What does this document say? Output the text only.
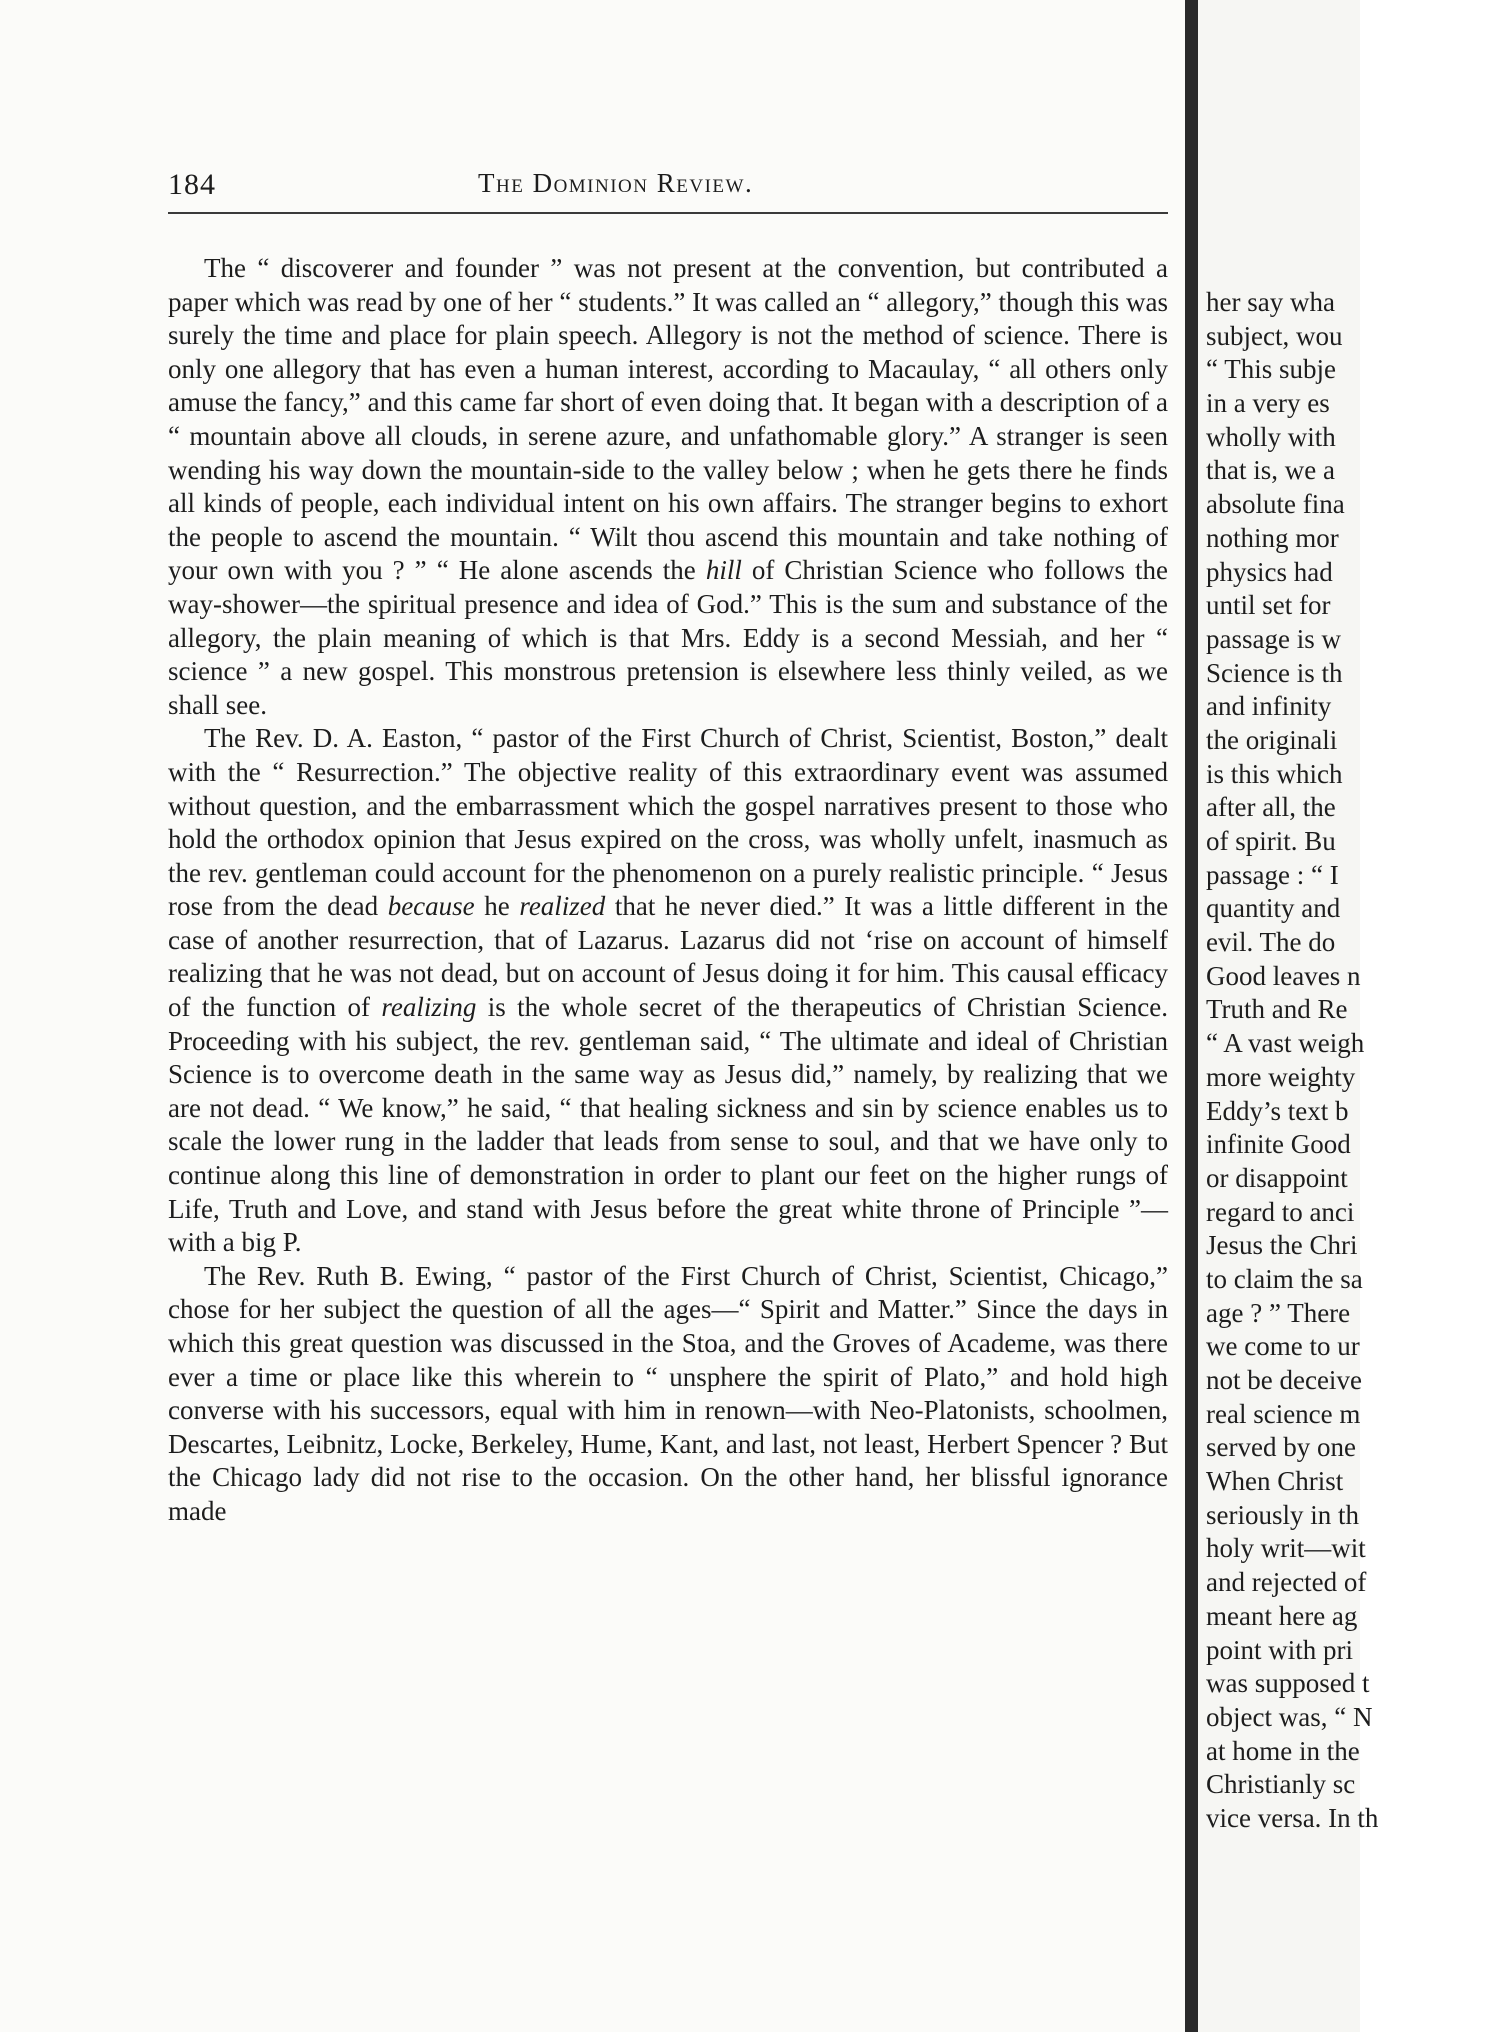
184	The Dominion Review.

The “ discoverer and founder ” was not present at the convention, but contributed a paper which was read by one of her “ students.” It was called an “ allegory,” though this was surely the time and place for plain speech. Allegory is not the method of science. There is only one allegory that has even a human interest, according to Macaulay, “ all others only amuse the fancy,” and this came far short of even doing that. It began with a description of a “ mountain above all clouds, in serene azure, and unfathomable glory.” A stranger is seen wending his way down the mountain-side to the valley below ; when he gets there he finds all kinds of people, each individual intent on his own affairs. The stranger begins to exhort the people to ascend the mountain. “ Wilt thou ascend this mountain and take nothing of your own with you ? ” “ He alone ascends the hill of Christian Science who follows the way-shower—the spiritual presence and idea of God.” This is the sum and substance of the allegory, the plain meaning of which is that Mrs. Eddy is a second Messiah, and her “ science ” a new gospel. This monstrous pretension is elsewhere less thinly veiled, as we shall see.

The Rev. D. A. Easton, “ pastor of the First Church of Christ, Scientist, Boston,” dealt with the “ Resurrection.” The objective reality of this extraordinary event was assumed without question, and the embarrassment which the gospel narratives present to those who hold the orthodox opinion that Jesus expired on the cross, was wholly unfelt, inasmuch as the rev. gentleman could account for the phenomenon on a purely realistic principle. “ Jesus rose from the dead because he realized that he never died.” It was a little different in the case of another resurrection, that of Lazarus. Lazarus did not ‘rise on account of himself realizing that he was not dead, but on account of Jesus doing it for him. This causal efficacy of the function of realizing is the whole secret of the therapeutics of Christian Science. Proceeding with his subject, the rev. gentleman said, “ The ultimate and ideal of Christian Science is to overcome death in the same way as Jesus did,” namely, by realizing that we are not dead. “ We know,” he said, “ that healing sickness and sin by science enables us to scale the lower rung in the ladder that leads from sense to soul, and that we have only to continue along this line of demonstration in order to plant our feet on the higher rungs of Life, Truth and Love, and stand with Jesus before the great white throne of Principle ”—with a big P.

The Rev. Ruth B. Ewing, “ pastor of the First Church of Christ, Scientist, Chicago,” chose for her subject the question of all the ages—“ Spirit and Matter.” Since the days in which this great question was discussed in the Stoa, and the Groves of Academe, was there ever a time or place like this wherein to “ unsphere the spirit of Plato,” and hold high converse with his successors, equal with him in renown—with Neo-Platonists, schoolmen, Descartes, Leibnitz, Locke, Berkeley, Hume, Kant, and last, not least, Herbert Spencer ? But the Chicago lady did not rise to the occasion. On the other hand, her blissful ignorance made

her say wha
subject, wou
“ This subje
in a very es
wholly with
that is, we a
absolute fina
nothing mor
physics had
until set for
passage is w
Science is th
and infinity
the originali
is this which
after all, the
of spirit. Bu
passage : “ I
quantity and
evil. The do
Good leaves n
Truth and Re
“ A vast weigh
more weighty
Eddy’s text b
infinite Good
or disappoint
regard to anci
Jesus the Chri
to claim the sa
age ? ” There
we come to ur
not be deceive
real science m
served by one
When Christ
seriously in th
holy writ—wit
and rejected of
meant here ag
point with pri
was supposed t
object was, “ N
at home in the
Christianly sc
vice versa. In th
